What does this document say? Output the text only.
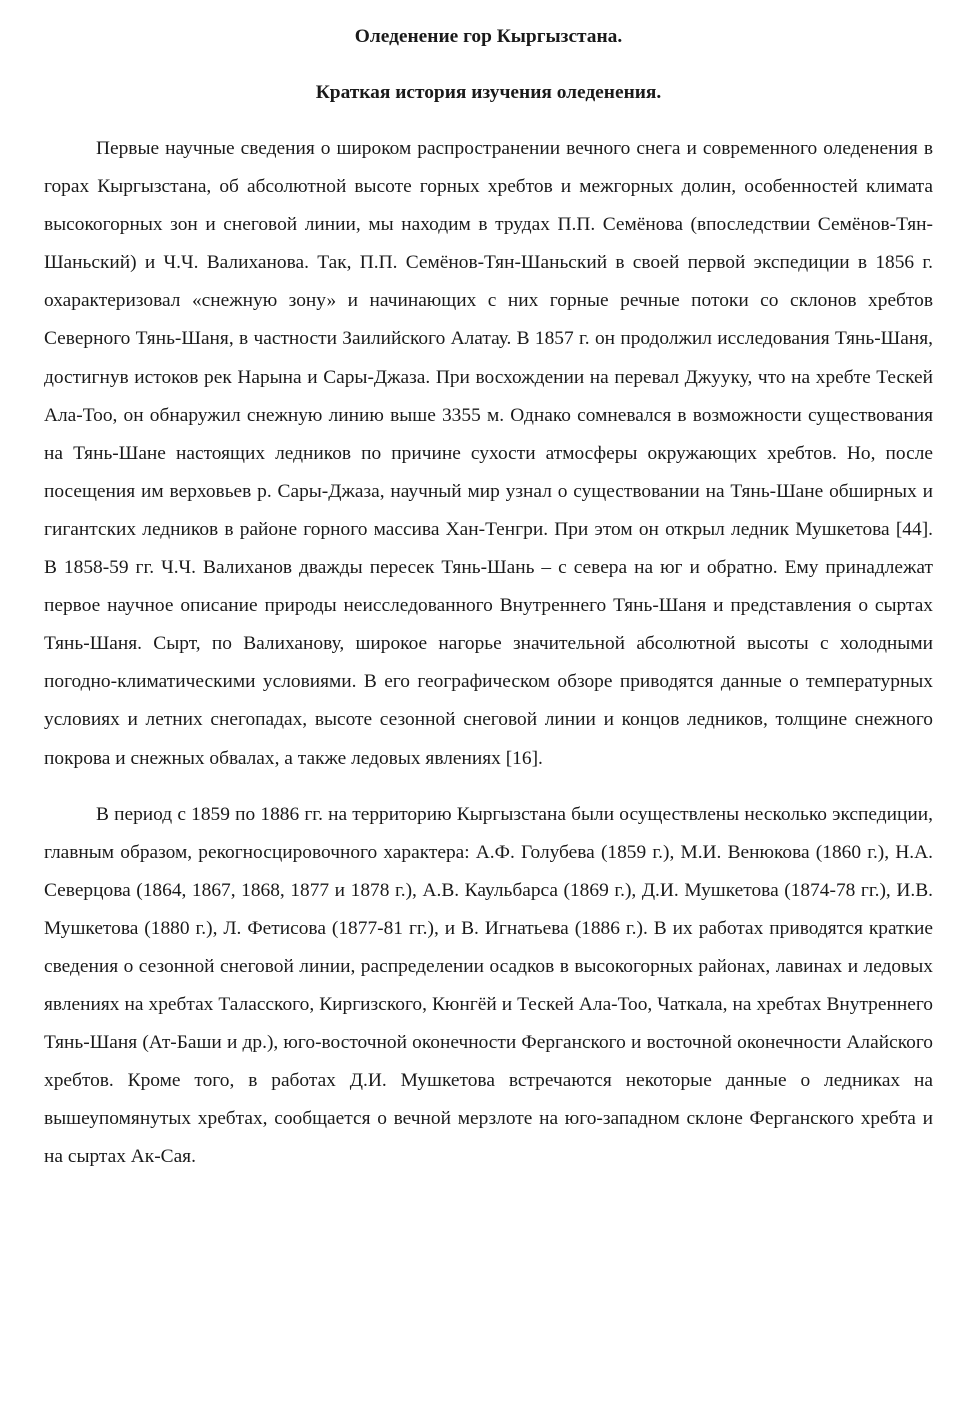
Оледенение гор Кыргызстана.

Краткая история изучения оледенения.

Первые научные сведения о широком распространении вечного снега и современного оледенения в горах Кыргызстана, об абсолютной высоте горных хребтов и межгорных долин, особенностей климата высокогорных зон и снеговой линии, мы находим в трудах П.П. Семёнова (впоследствии Семёнов-Тян-Шаньский) и Ч.Ч. Валиханова. Так, П.П. Семёнов-Тян-Шаньский в своей первой экспедиции в 1856 г. охарактеризовал «снежную зону» и начинающих с них горные речные потоки со склонов хребтов Северного Тянь-Шаня, в частности Заилийского Алатау. В 1857 г. он продолжил исследования Тянь-Шаня, достигнув истоков рек Нарына и Сары-Джаза. При восхождении на перевал Джууку, что на хребте Тескей Ала-Тоо, он обнаружил снежную линию выше 3355 м. Однако сомневался в возможности существования на Тянь-Шане настоящих ледников по причине сухости атмосферы окружающих хребтов. Но, после посещения им верховьев р. Сары-Джаза, научный мир узнал о существовании на Тянь-Шане обширных и гигантских ледников в районе горного массива Хан-Тенгри. При этом он открыл ледник Мушкетова [44]. В 1858-59 гг. Ч.Ч. Валиханов дважды пересек Тянь-Шань – с севера на юг и обратно. Ему принадлежат первое научное описание природы неисследованного Внутреннего Тянь-Шаня и представления о сыртах Тянь-Шаня. Сырт, по Валиханову, широкое нагорье значительной абсолютной высоты с холодными погодно-климатическими условиями. В его географическом обзоре приводятся данные о температурных условиях и летних снегопадах, высоте сезонной снеговой линии и концов ледников, толщине снежного покрова и снежных обвалах, а также ледовых явлениях [16].

В период с 1859 по 1886 гг. на территорию Кыргызстана были осуществлены несколько экспедиции, главным образом, рекогносцировочного характера: А.Ф. Голубева (1859 г.), М.И. Венюкова (1860 г.), Н.А. Северцова (1864, 1867, 1868, 1877 и 1878 г.), А.В. Каульбарса (1869 г.), Д.И. Мушкетова (1874-78 гг.), И.В. Мушкетова (1880 г.), Л. Фетисова (1877-81 гг.), и В. Игнатьева (1886 г.). В их работах приводятся краткие сведения о сезонной снеговой линии, распределении осадков в высокогорных районах, лавинах и ледовых явлениях на хребтах Таласского, Киргизского, Кюнгёй и Тескей Ала-Тоо, Чаткала, на хребтах Внутреннего Тянь-Шаня (Ат-Баши и др.), юго-восточной оконечности Ферганского и восточной оконечности Алайского хребтов. Кроме того, в работах Д.И. Мушкетова встречаются некоторые данные о ледниках на вышеупомянутых хребтах, сообщается о вечной мерзлоте на юго-западном склоне Ферганского хребта и на сыртах Ак-Сая.
